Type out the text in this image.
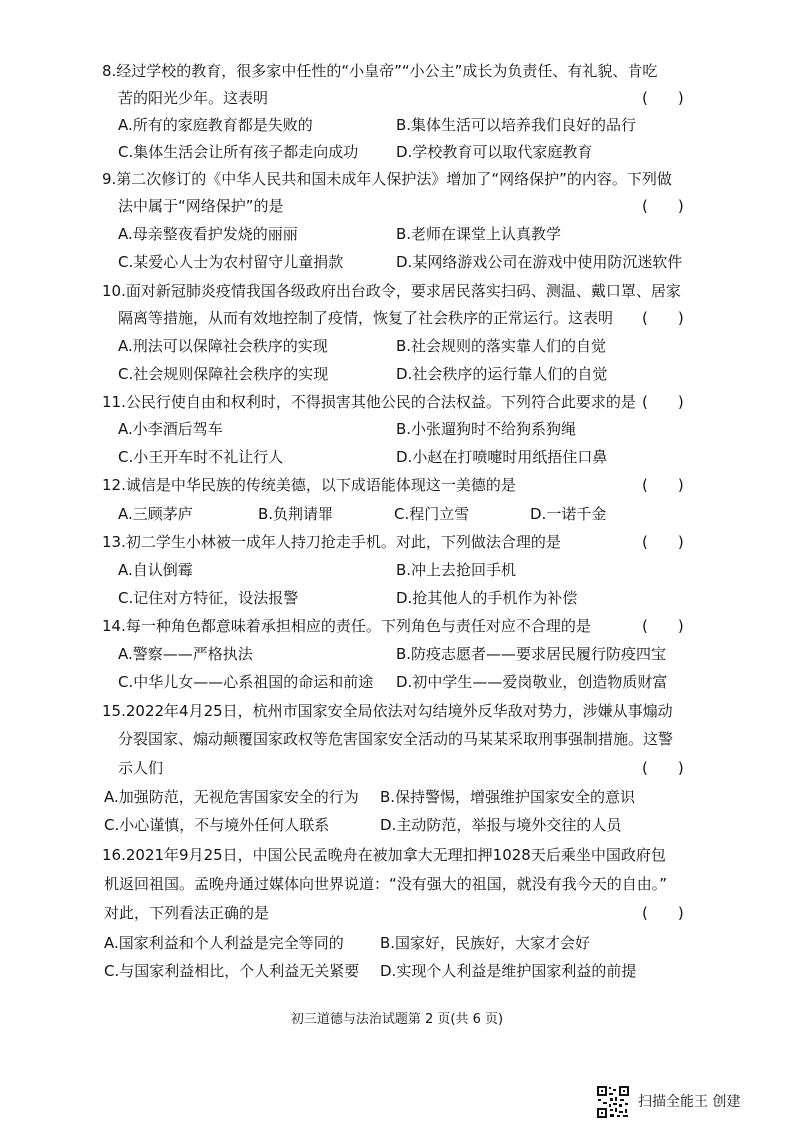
8.经过学校的教育，很多家中任性的“小皇帝”“小公主”成长为负责任、有礼貌、肯吃
苦的阳光少年。这表明	(　　)
A.所有的家庭教育都是失败的	B.集体生活可以培养我们良好的品行
C.集体生活会让所有孩子都走向成功	D.学校教育可以取代家庭教育
9.第二次修订的《中华人民共和国未成年人保护法》增加了“网络保护”的内容。下列做
法中属于“网络保护”的是	(　　)
A.母亲整夜看护发烧的丽丽	B.老师在课堂上认真教学
C.某爱心人士为农村留守儿童捐款	D.某网络游戏公司在游戏中使用防沉迷软件
10.面对新冠肺炎疫情我国各级政府出台政令，要求居民落实扫码、测温、戴口罩、居家
隔离等措施，从而有效地控制了疫情，恢复了社会秩序的正常运行。这表明 (　　)
A.刑法可以保障社会秩序的实现	B.社会规则的落实靠人们的自觉
C.社会规则保障社会秩序的实现	D.社会秩序的运行靠人们的自觉
11.公民行使自由和权利时，不得损害其他公民的合法权益。下列符合此要求的是 (　　)
A.小李酒后驾车	B.小张遛狗时不给狗系狗绳
C.小王开车时不礼让行人	D.小赵在打喷嚏时用纸捂住口鼻
12.诚信是中华民族的传统美德，以下成语能体现这一美德的是	(　　)
A.三顾茅庐	B.负荆请罪	C.程门立雪	D.一诺千金
13.初二学生小林被一成年人持刀抢走手机。对此，下列做法合理的是	(　　)
A.自认倒霉	B.冲上去抢回手机
C.记住对方特征，设法报警	D.抢其他人的手机作为补偿
14.每一种角色都意味着承担相应的责任。下列角色与责任对应不合理的是	(　　)
A.警察——严格执法	B.防疫志愿者——要求居民履行防疫四宝
C.中华儿女——心系祖国的命运和前途 D.初中学生——爱岗敬业，创造物质财富
15.2022年4月25日，杭州市国家安全局依法对勾结境外反华敌对势力，涉嫌从事煽动
分裂国家、煽动颠覆国家政权等危害国家安全活动的马某某采取刑事强制措施。这警
示人们	(　　)
A.加强防范，无视危害国家安全的行为 B.保持警惕，增强维护国家安全的意识
C.小心谨慎，不与境外任何人联系	D.主动防范，举报与境外交往的人员
16.2021年9月25日，中国公民孟晚舟在被加拿大无理扣押1028天后乘坐中国政府包
机返回祖国。孟晚舟通过媒体向世界说道：“没有强大的祖国，就没有我今天的自由。”
对此，下列看法正确的是	(　　)
A.国家利益和个人利益是完全等同的 B.国家好，民族好，大家才会好
C.与国家利益相比，个人利益无关紧要 D.实现个人利益是维护国家利益的前提
初三道德与法治试题第 2 页(共 6 页)
扫描全能王 创建
